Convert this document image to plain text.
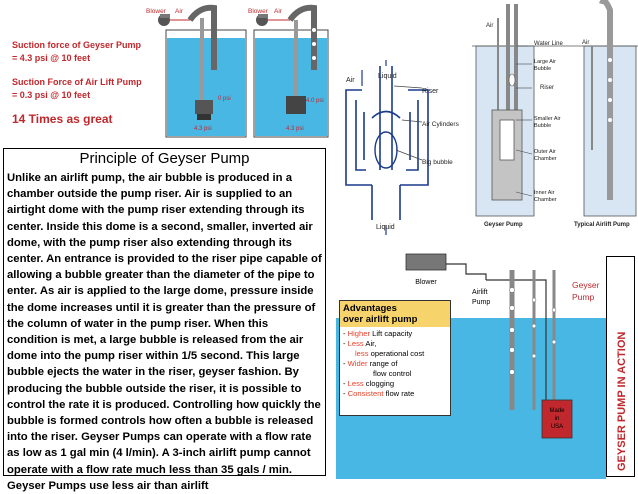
Blower Air	Blower Air
0 psi
4.3 psi
4.0 psi
4.3 psi
Suction force of Geyser Pump
= 4.3 psi @ 10 feet
Suction Force of Air Lift Pump
= 0.3 psi @ 10 feet
14 Times as great
Principle of Geyser Pump
Unlike an airlift pump, the air bubble is produced in a chamber outside the pump riser. Air is supplied to an airtight dome with the pump riser extending through its center. Inside this dome is a second, smaller, inverted air dome, with the pump riser also extending through its center. An entrance is provided to the riser pipe capable of allowing a bubble greater than the diameter of the pipe to enter. As air is applied to the large dome, pressure inside the dome increases until it is greater than the pressure of the column of water in the pump riser. When this condition is met, a large bubble is released from the air dome into the pump riser within 1/5 second. This large bubble ejects the water in the riser, geyser fashion. By producing the bubble outside the riser, it is possible to control the rate it is produced. Controlling how quickly the bubble is formed controls how often a bubble is released into the riser. Geyser Pumps can operate with a flow rate as low as 1 gal min (4 l/min). A 3-inch airlift pump cannot operate with a flow rate much less than 35 gals / min. Geyser Pumps use less air than airlift
Air
Liquid
Riser
Air Cylinders
Big bubble
Liquid
Air
Air
Water Line
Large Air
Bubble
Riser
Smaller Air
Bubble
Outer Air
Chamber
Inner Air
Chamber
Geyser Pump	Typical Airlift Pump
Blower
Airlift
Pump
Geyser
Pump
Made
in
USA
Advantages
over airlift pump
- Higher Lift capacity
- Less Air,
less operational cost
- Wider range of
flow control
- Less clogging
- Consistent flow rate	GEYSER PUMP IN ACTION
